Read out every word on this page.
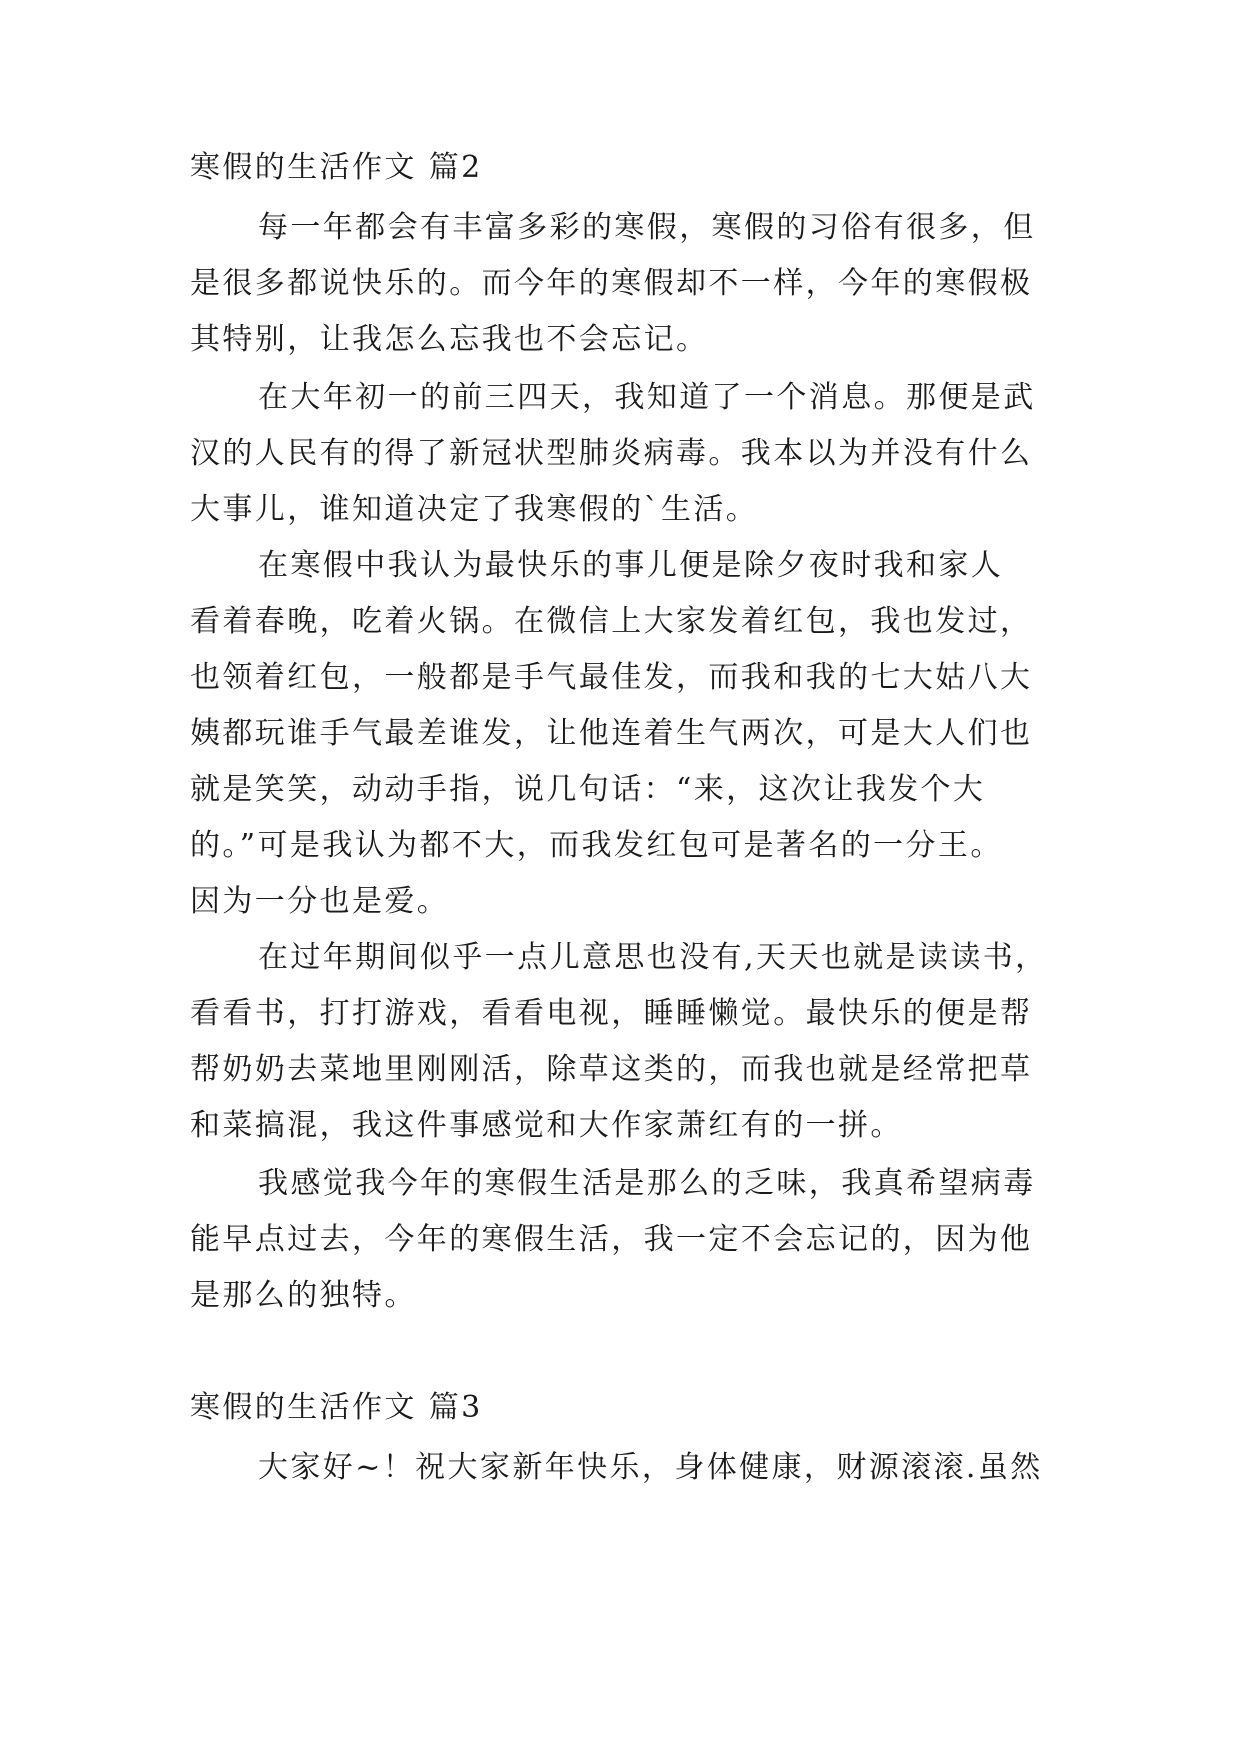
寒假的生活作文 篇2
每一年都会有丰富多彩的寒假，寒假的习俗有很多，但
是很多都说快乐的。而今年的寒假却不一样，今年的寒假极
其特别，让我怎么忘我也不会忘记。
在大年初一的前三四天，我知道了一个消息。那便是武
汉的人民有的得了新冠状型肺炎病毒。我本以为并没有什么
大事儿，谁知道决定了我寒假的`生活。
在寒假中我认为最快乐的事儿便是除夕夜时我和家人
看着春晚，吃着火锅。在微信上大家发着红包，我也发过，
也领着红包，一般都是手气最佳发，而我和我的七大姑八大
姨都玩谁手气最差谁发，让他连着生气两次，可是大人们也
就是笑笑，动动手指，说几句话：“来，这次让我发个大
的。”可是我认为都不大，而我发红包可是著名的一分王。
因为一分也是爱。
在过年期间似乎一点儿意思也没有,天天也就是读读书，
看看书，打打游戏，看看电视，睡睡懒觉。最快乐的便是帮
帮奶奶去菜地里刚刚活，除草这类的，而我也就是经常把草
和菜搞混，我这件事感觉和大作家萧红有的一拼。
我感觉我今年的寒假生活是那么的乏味，我真希望病毒
能早点过去，今年的寒假生活，我一定不会忘记的，因为他
是那么的独特。
寒假的生活作文 篇3
大家好~！祝大家新年快乐，身体健康，财源滚滚.虽然
